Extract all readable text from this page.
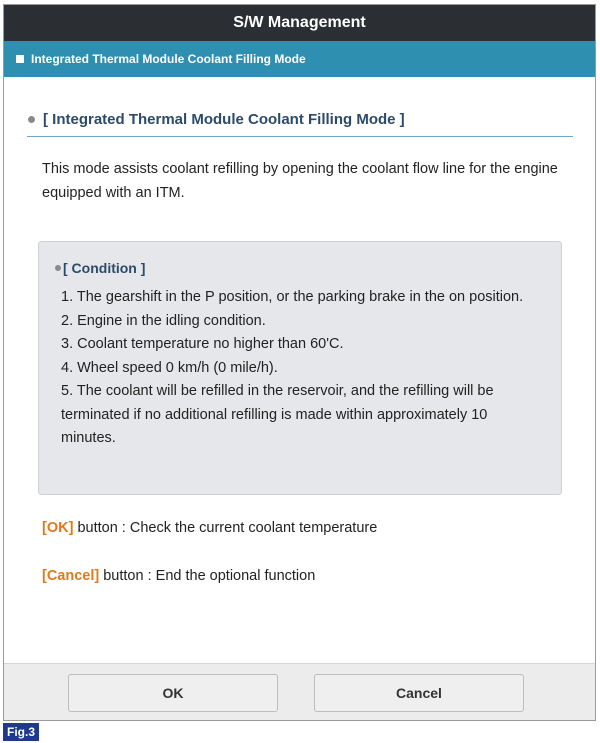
S/W Management
Integrated Thermal Module Coolant Filling Mode
[ Integrated Thermal Module Coolant Filling Mode ]
This mode assists coolant refilling by opening the coolant flow line for the engine equipped with an ITM.
[ Condition ]
1. The gearshift in the P position, or the parking brake in the on position.
2. Engine in the idling condition.
3. Coolant temperature no higher than 60'C.
4. Wheel speed 0 km/h (0 mile/h).
5. The coolant will be refilled in the reservoir, and the refilling will be terminated if no additional refilling is made within approximately 10 minutes.
[OK] button : Check the current coolant temperature
[Cancel] button : End the optional function
OK	Cancel
Fig.3
